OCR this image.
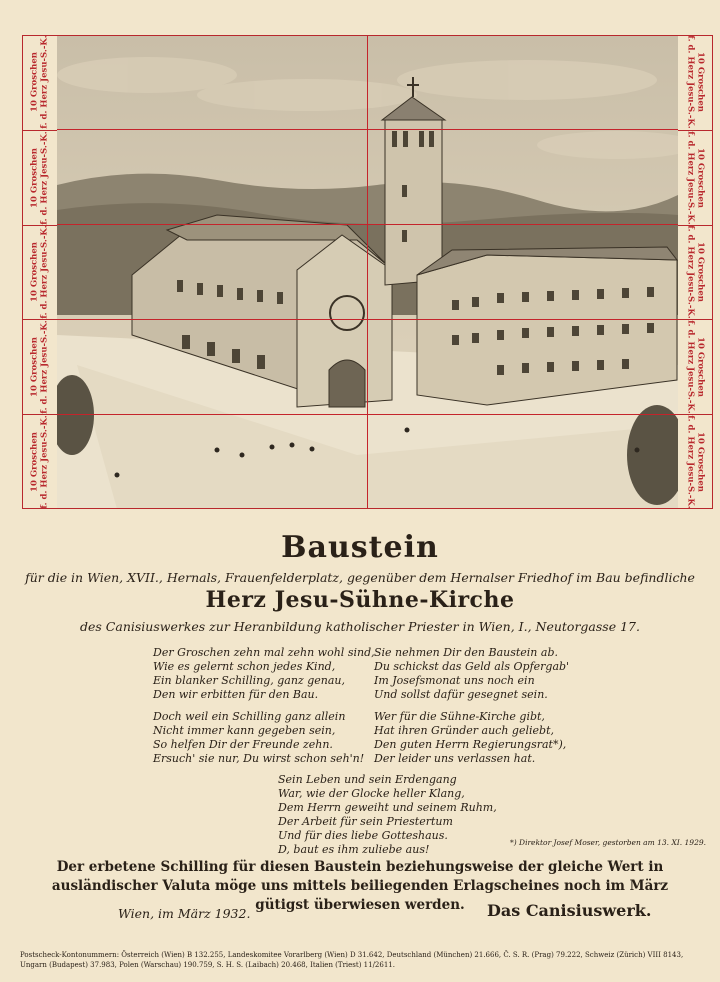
10 Groschen
f. d. Herz Jesu-S.-K.
10 Groschen
f. d. Herz Jesu-S.-K.
10 Groschen
f. d. Herz Jesu-S.-K.
10 Groschen
f. d. Herz Jesu-S.-K.
10 Groschen
f. d. Herz Jesu-S.-K.
10 Groschen
f. d. Herz Jesu-S.-K.
10 Groschen
f. d. Herz Jesu-S.-K.
10 Groschen
f. d. Herz Jesu-S.-K.
10 Groschen
f. d. Herz Jesu-S.-K.
10 Groschen
f. d. Herz Jesu-S.-K.
Baustein
für die in Wien, XVII., Hernals, Frauenfelderplatz, gegenüber dem Hernalser Friedhof im Bau befindliche
Herz Jesu-Sühne-Kirche
des Canisiuswerkes zur Heranbildung katholischer Priester in Wien, I., Neutorgasse 17.
Der Groschen zehn mal zehn wohl sind,
Wie es gelernt schon jedes Kind,
Ein blanker Schilling, ganz genau,
Den wir erbitten für den Bau.
Sie nehmen Dir den Baustein ab.
Du schickst das Geld als Opfergab'
Im Josefsmonat uns noch ein
Und sollst dafür gesegnet sein.
Doch weil ein Schilling ganz allein
Nicht immer kann gegeben sein,
So helfen Dir der Freunde zehn.
Ersuch' sie nur, Du wirst schon seh'n!
Wer für die Sühne-Kirche gibt,
Hat ihren Gründer auch geliebt,
Den guten Herrn Regierungsrat*),
Der leider uns verlassen hat.
Sein Leben und sein Erdengang
War, wie der Glocke heller Klang,
Dem Herrn geweiht und seinem Ruhm,
Der Arbeit für sein Priestertum
Und für dies liebe Gotteshaus.
D, baut es ihm zuliebe aus!
*) Direktor Josef Moser, gestorben am 13. XI. 1929.
Der erbetene Schilling für diesen Baustein beziehungsweise der gleiche Wert in ausländischer Valuta möge uns mittels beiliegenden Erlagscheines noch im März gütigst überwiesen werden.
Wien, im März 1932.	Das Canisiuswerk.
Postscheck-Kontonummern: Österreich (Wien) B 132.255, Landeskomitee Vorarlberg (Wien) D 31.642, Deutschland (München) 21.666, Č. S. R. (Prag) 79.222, Schweiz (Zürich) VIII 8143, Ungarn (Budapest) 37.983, Polen (Warschau) 190.759, S. H. S. (Laibach) 20.468, Italien (Triest) 11/2611.
